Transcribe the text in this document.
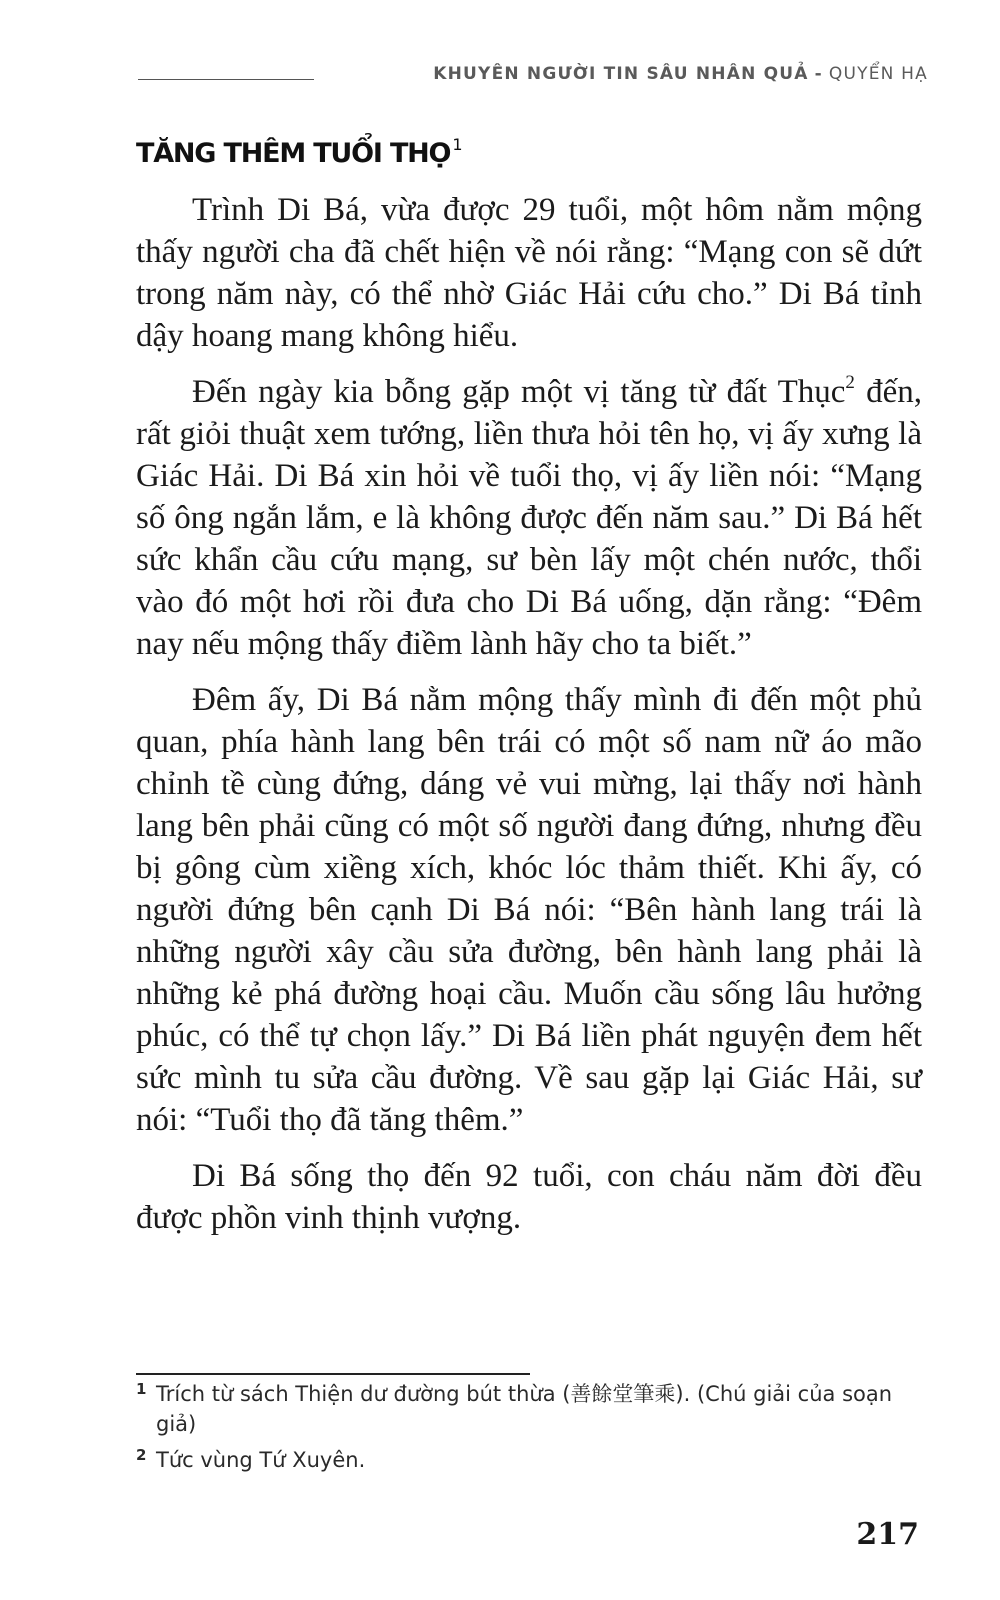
KHUYÊN NGƯỜI TIN SÂU NHÂN QUẢ - QUYỂN HẠ
TĂNG THÊM TUỔI THỌ $^1$

Trình Di Bá, vừa được 29 tuổi, một hôm nằm mộng thấy người cha đã chết hiện về nói rằng: “Mạng con sẽ dứt trong năm này, có thể nhờ Giác Hải cứu cho.” Di Bá tỉnh dậy hoang mang không hiểu.

Đến ngày kia bỗng gặp một vị tăng từ đất Thục$^2$ đến, rất giỏi thuật xem tướng, liền thưa hỏi tên họ, vị ấy xưng là Giác Hải. Di Bá xin hỏi về tuổi thọ, vị ấy liền nói: “Mạng số ông ngắn lắm, e là không được đến năm sau.” Di Bá hết sức khẩn cầu cứu mạng, sư bèn lấy một chén nước, thổi vào đó một hơi rồi đưa cho Di Bá uống, dặn rằng: “Đêm nay nếu mộng thấy điềm lành hãy cho ta biết.”

Đêm ấy, Di Bá nằm mộng thấy mình đi đến một phủ quan, phía hành lang bên trái có một số nam nữ áo mão chỉnh tề cùng đứng, dáng vẻ vui mừng, lại thấy nơi hành lang bên phải cũng có một số người đang đứng, nhưng đều bị gông cùm xiềng xích, khóc lóc thảm thiết. Khi ấy, có người đứng bên cạnh Di Bá nói: “Bên hành lang trái là những người xây cầu sửa đường, bên hành lang phải là những kẻ phá đường hoại cầu. Muốn cầu sống lâu hưởng phúc, có thể tự chọn lấy.” Di Bá liền phát nguyện đem hết sức mình tu sửa cầu đường. Về sau gặp lại Giác Hải, sư nói: “Tuổi thọ đã tăng thêm.”

Di Bá sống thọ đến 92 tuổi, con cháu năm đời đều được phồn vinh thịnh vượng.

1 Trích từ sách Thiện dư đường bút thừa (善餘堂筆乘). (Chú giải của soạn giả)
2 Tức vùng Tứ Xuyên.
217
